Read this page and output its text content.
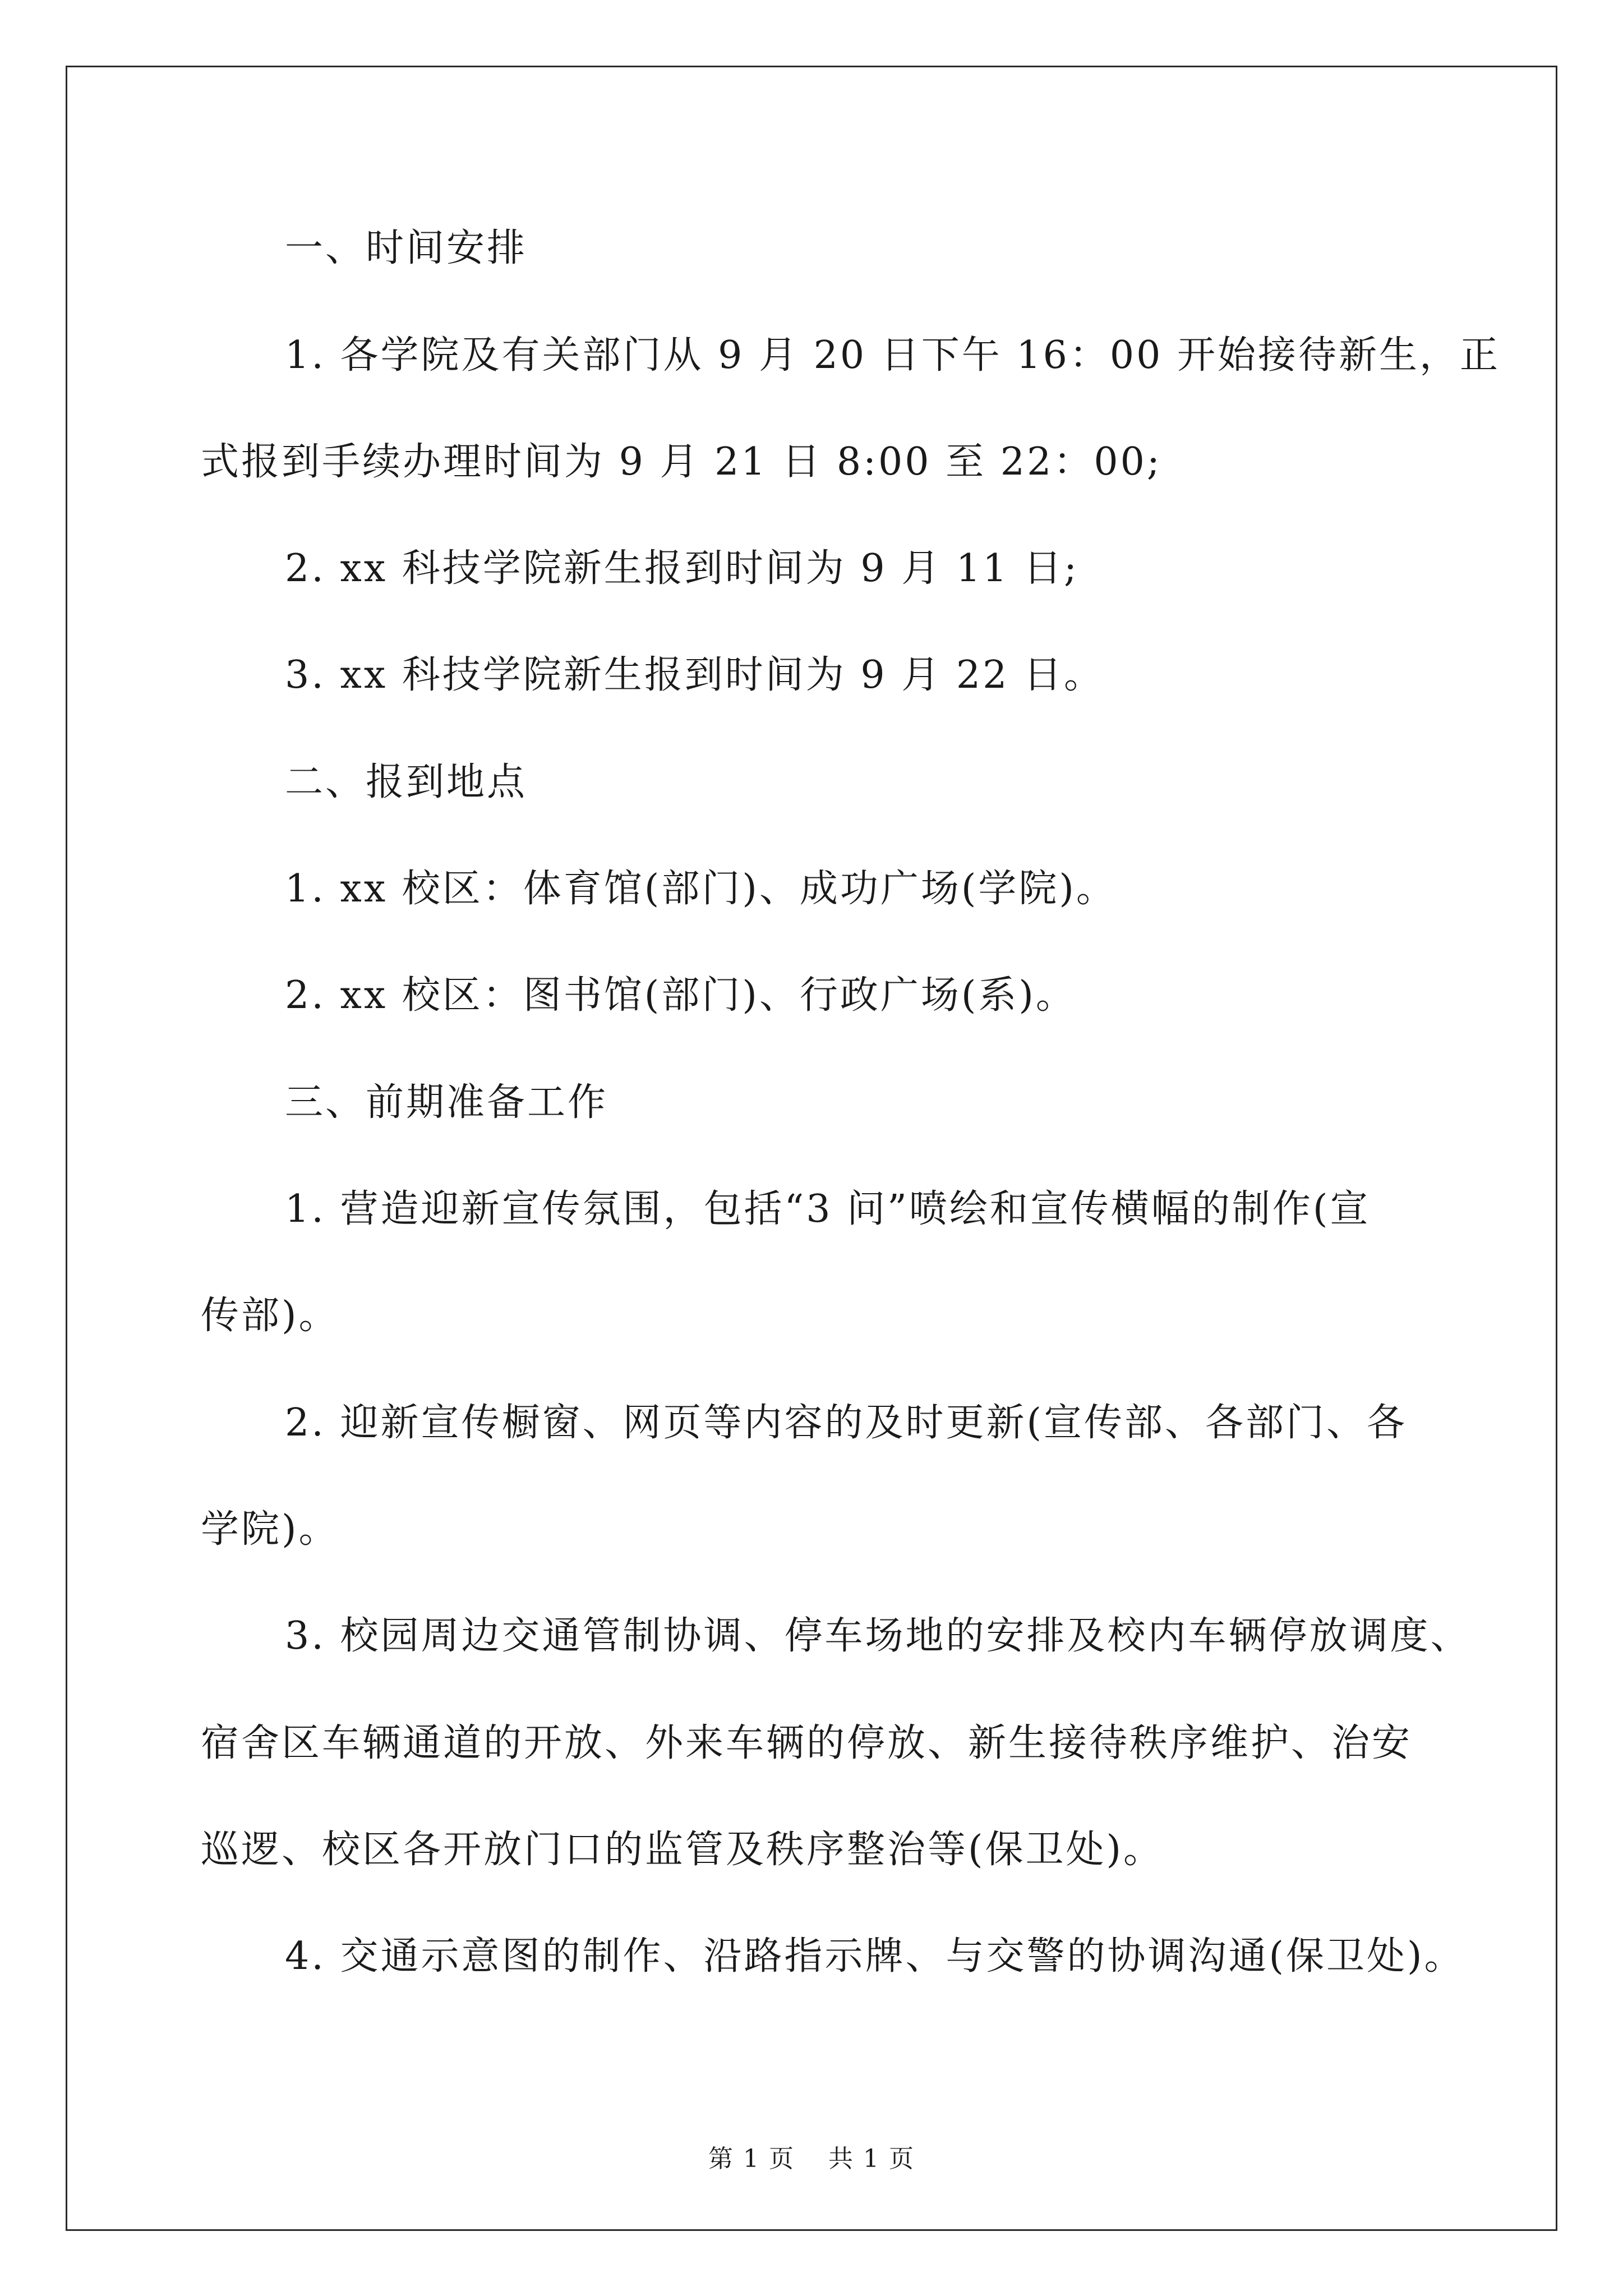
一、时间安排
1. 各学院及有关部门从 9 月 20 日下午 16：00 开始接待新生，正
式报到手续办理时间为 9 月 21 日 8:00 至 22：00;
2. xx 科技学院新生报到时间为 9 月 11 日;
3. xx 科技学院新生报到时间为 9 月 22 日。
二、报到地点
1. xx 校区：体育馆(部门)、成功广场(学院)。
2. xx 校区：图书馆(部门)、行政广场(系)。
三、前期准备工作
1. 营造迎新宣传氛围，包括“3 问”喷绘和宣传横幅的制作(宣
传部)。
2. 迎新宣传橱窗、网页等内容的及时更新(宣传部、各部门、各
学院)。
3. 校园周边交通管制协调、停车场地的安排及校内车辆停放调度、
宿舍区车辆通道的开放、外来车辆的停放、新生接待秩序维护、治安
巡逻、校区各开放门口的监管及秩序整治等(保卫处)。
4. 交通示意图的制作、沿路指示牌、与交警的协调沟通(保卫处)。
第 1 页 共 1 页
